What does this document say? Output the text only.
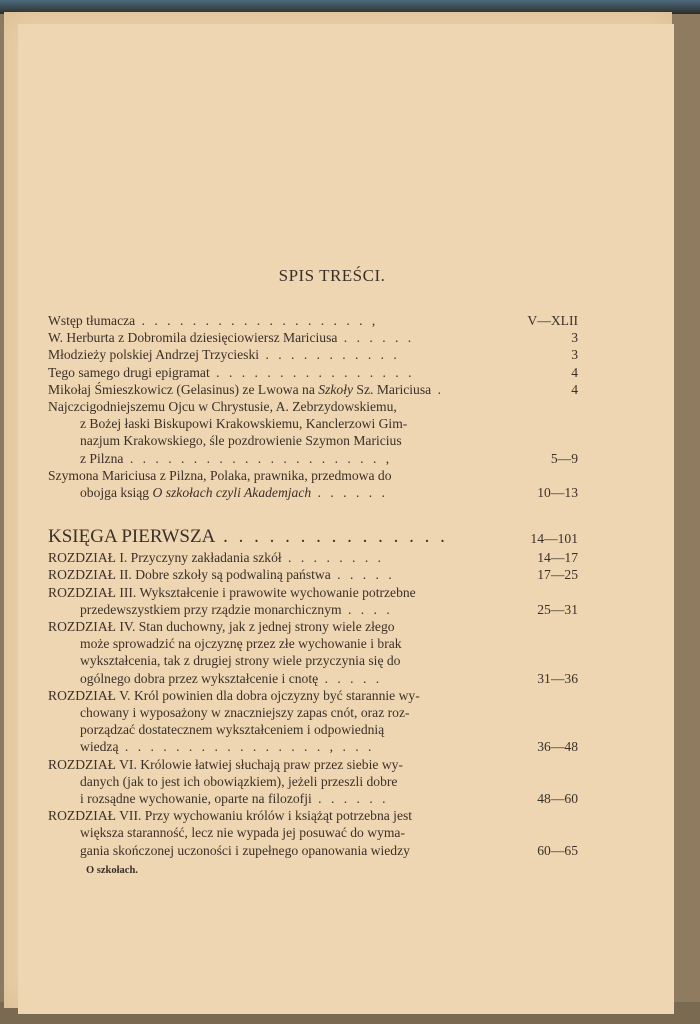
SPIS TREŚCI.
Wstęp tłumacza . . . . . . . . . . . . . . . . . . ,	V—XLII
W. Herburta z Dobromila dziesięciowiersz Mariciusa . . . . . .	3
Młodzieży polskiej Andrzej Trzycieski . . . . . . . . . . .	3
Tego samego drugi epigramat . . . . . . . . . . . . . . . .	4
Mikołaj Śmieszkowicz (Gelasinus) ze Lwowa na Szkoły Sz. Mariciusa .	4
Najczcigodniejszemu Ojcu w Chrystusie, A. Zebrzydowskiemu,
z Bożej łaski Biskupowi Krakowskiemu, Kanclerzowi Gim-
nazjum Krakowskiego, śle pozdrowienie Szymon Maricius
z Pilzna . . . . . . . . . . . . . . . . . . . . ,	5—9
Szymona Mariciusa z Pilzna, Polaka, prawnika, przedmowa do
obojga ksiąg O szkołach czyli Akademjach . . . . . .	10—13
KSIĘGA PIERWSZA . . . . . . . . . . . . . . .	14—101
ROZDZIAŁ I. Przyczyny zakładania szkół . . . . . . . .	14—17
ROZDZIAŁ II. Dobre szkoły są podwaliną państwa . . . . .	17—25
ROZDZIAŁ III. Wykształcenie i prawowite wychowanie potrzebne
przedewszystkiem przy rządzie monarchicznym . . . .	25—31
ROZDZIAŁ IV. Stan duchowny, jak z jednej strony wiele złego
może sprowadzić na ojczyznę przez złe wychowanie i brak
wykształcenia, tak z drugiej strony wiele przyczynia się do
ogólnego dobra przez wykształcenie i cnotę . . . . .	31—36
ROZDZIAŁ V. Król powinien dla dobra ojczyzny być starannie wy-
chowany i wyposażony w znaczniejszy zapas cnót, oraz roz-
porządzać dostatecznem wykształceniem i odpowiednią
wiedzą . . . . . . . . . . . . . . . . , . . .	36—48
ROZDZIAŁ VI. Królowie łatwiej słuchają praw przez siebie wy-
danych (jak to jest ich obowiązkiem), jeżeli przeszli dobre
i rozsądne wychowanie, oparte na filozofji . . . . . .	48—60
ROZDZIAŁ VII. Przy wychowaniu królów i książąt potrzebna jest
większa staranność, lecz nie wypada jej posuwać do wyma-
gania skończonej uczoności i zupełnego opanowania wiedzy	60—65
O szkołach.
